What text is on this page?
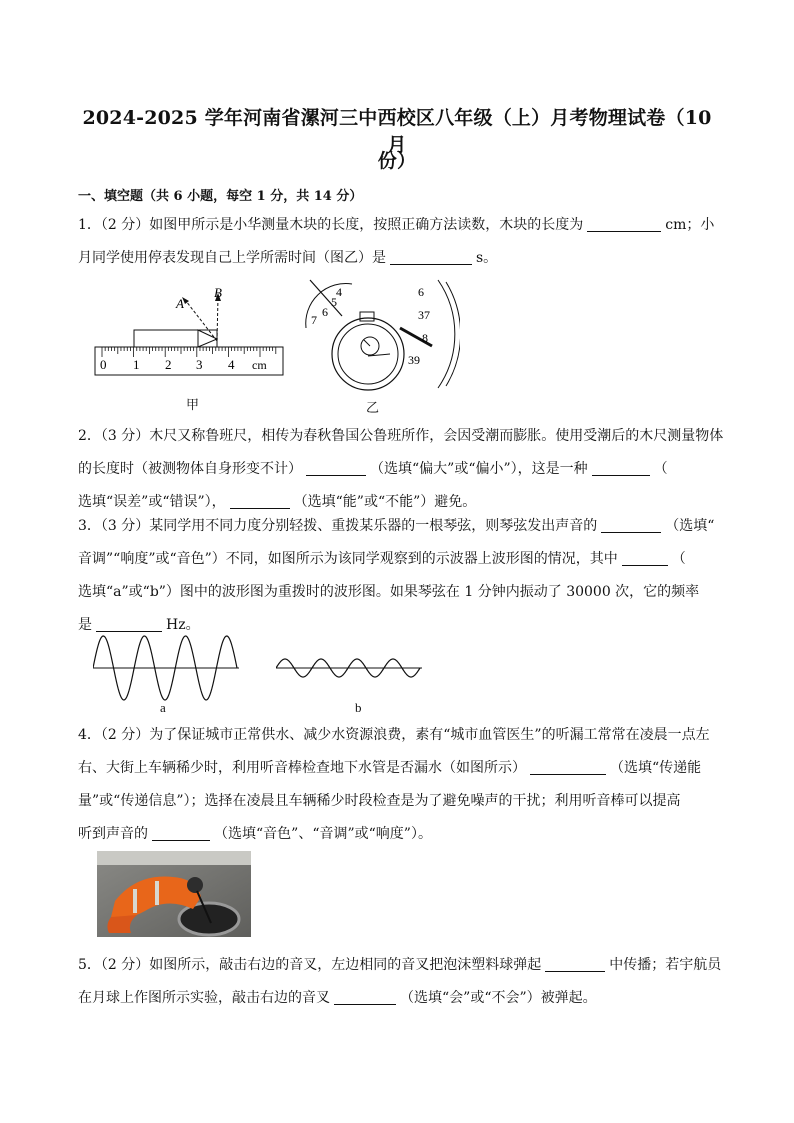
2024-2025 学年河南省漯河三中西校区八年级（上）月考物理试卷（10 月
份）
一、填空题（共 6 小题，每空 1 分，共 14 分）
1．（2 分）如图甲所示是小华测量木块的长度，按照正确方法读数，木块的长度为	cm；小
月同学使用停表发现自己上学所需时间（图乙）是	s。
A
B
0 1 2 3 4 cm
甲
4
5
6
7
6
37
8
39
乙
2．（3 分）木尺又称鲁班尺，相传为春秋鲁国公鲁班所作，会因受潮而膨胀。使用受潮后的木尺测量物体
的长度时（被测物体自身形变不计）	（选填“偏大”或“偏小”），这是一种	（
选填“误差”或“错误”），	（选填“能”或“不能”）避免。
3．（3 分）某同学用不同力度分别轻拨、重拨某乐器的一根琴弦，则琴弦发出声音的	（选填“
音调”“响度”或“音色”）不同，如图所示为该同学观察到的示波器上波形图的情况，其中	（
选填“a”或“b”）图中的波形图为重拨时的波形图。如果琴弦在 1 分钟内振动了 30000 次，它的频率
是	Hz。
a	b
4．（2 分）为了保证城市正常供水、减少水资源浪费，素有“城市血管医生”的听漏工常常在凌晨一点左
右、大街上车辆稀少时，利用听音棒检查地下水管是否漏水（如图所示）	（选填“传递能
量”或“传递信息”）；选择在凌晨且车辆稀少时段检查是为了避免噪声的干扰；利用听音棒可以提高
听到声音的	（选填“音色”、“音调”或“响度”）。
5．（2 分）如图所示，敲击右边的音叉，左边相同的音叉把泡沫塑料球弹起	中传播；若宇航员
在月球上作图所示实验，敲击右边的音叉	（选填“会”或“不会”）被弹起。
